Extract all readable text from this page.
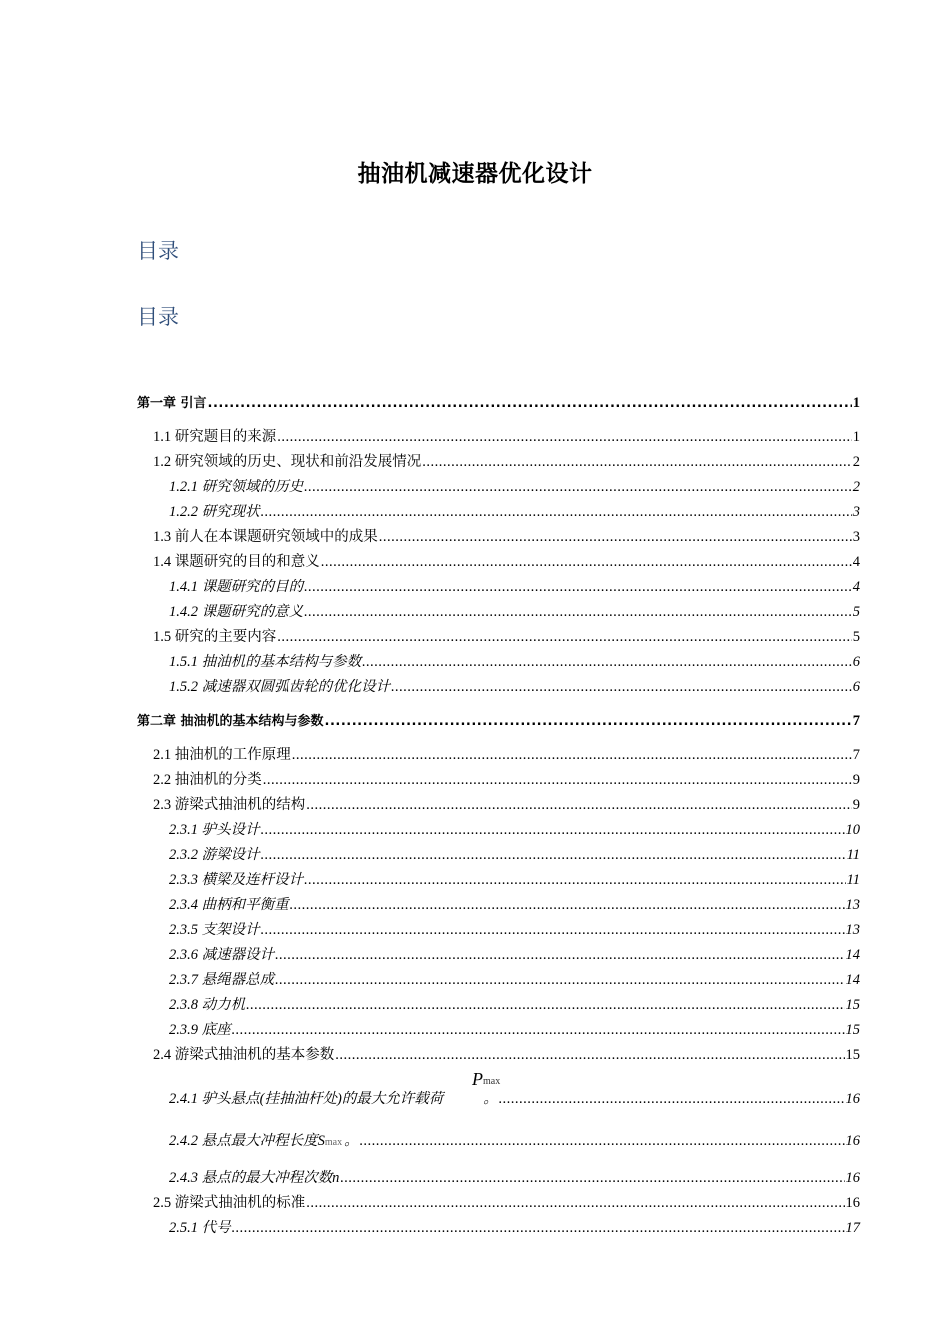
抽油机减速器优化设计
目录
目录
Pmax
第一章 引言 .....	1
1.1 研究题目的来源 .....	1
1.2 研究领域的历史、现状和前沿发展情况 .....	2
1.2.1 研究领域的历史 .....	2
1.2.2 研究现状 .....	3
1.3 前人在本课题研究领域中的成果 .....	3
1.4 课题研究的目的和意义 .....	4
1.4.1 课题研究的目的 .....	4
1.4.2 课题研究的意义 .....	5
1.5 研究的主要内容 .....	5
1.5.1 抽油机的基本结构与参数 .....	6
1.5.2 减速器双圆弧齿轮的优化设计 .....	6
第二章 抽油机的基本结构与参数 .....	7
2.1 抽油机的工作原理 .....	7
2.2 抽油机的分类 .....	9
2.3 游梁式抽油机的结构 .....	9
2.3.1 驴头设计 .....	10
2.3.2 游梁设计 .....	11
2.3.3 横梁及连杆设计 .....	11
2.3.4 曲柄和平衡重 .....	13
2.3.5 支架设计 .....	13
2.3.6 减速器设计 .....	14
2.3.7 悬绳器总成 .....	14
2.3.8 动力机 .....	15
2.3.9 底座 .....	15
2.4 游梁式抽油机的基本参数 .....	15
2.4.1 驴头悬点(挂抽油杆处)的最大允许载荷	。 .....	16
2.4.2 悬点最大冲程长度 S max 。 .....	16
2.4.3 悬点的最大冲程次数 n .....	16
2.5 游梁式抽油机的标准 .....	16
2.5.1 代号 .....	17
